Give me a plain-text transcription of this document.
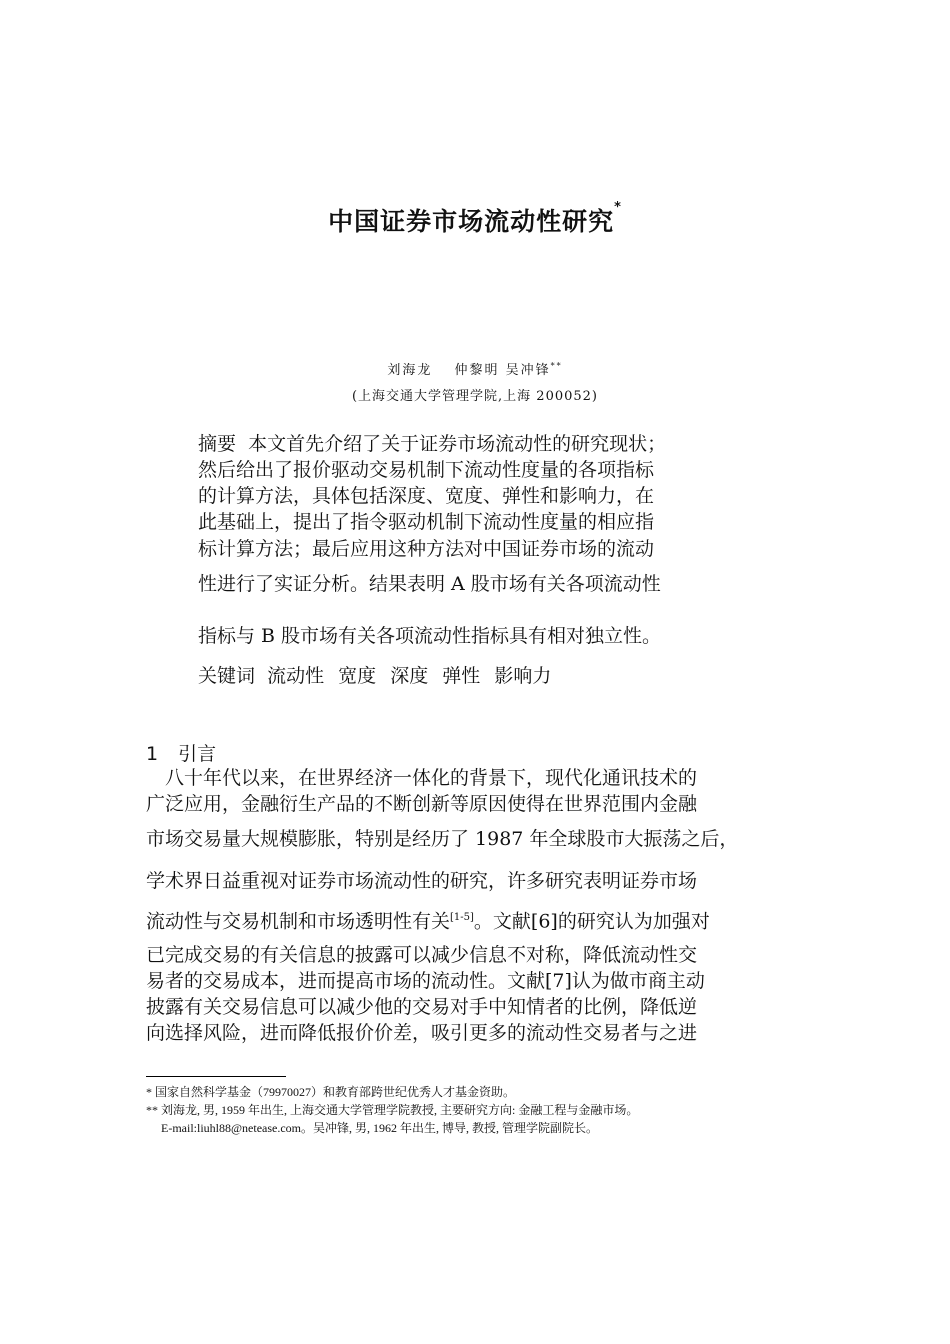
中国证券市场流动性研究*
刘海龙 仲黎明 吴冲锋**
(上海交通大学管理学院,上海 200052)
摘要 本文首先介绍了关于证券市场流动性的研究现状；
然后给出了报价驱动交易机制下流动性度量的各项指标
的计算方法，具体包括深度、宽度、弹性和影响力，在
此基础上，提出了指令驱动机制下流动性度量的相应指
标计算方法；最后应用这种方法对中国证券市场的流动
性进行了实证分析。结果表明 A 股市场有关各项流动性
指标与 B 股市场有关各项流动性指标具有相对独立性。
关键词 流动性 宽度 深度 弹性 影响力
1 引言
　八十年代以来，在世界经济一体化的背景下，现代化通讯技术的
广泛应用，金融衍生产品的不断创新等原因使得在世界范围内金融
市场交易量大规模膨胀，特别是经历了 1987 年全球股市大振荡之后，
学术界日益重视对证券市场流动性的研究，许多研究表明证券市场
流动性与交易机制和市场透明性有关[1-5]。文献[6]的研究认为加强对
已完成交易的有关信息的披露可以减少信息不对称，降低流动性交
易者的交易成本，进而提高市场的流动性。文献[7]认为做市商主动
披露有关交易信息可以减少他的交易对手中知情者的比例，降低逆
向选择风险，进而降低报价价差，吸引更多的流动性交易者与之进
* 国家自然科学基金（79970027）和教育部跨世纪优秀人才基金资助。
** 刘海龙, 男, 1959 年出生, 上海交通大学管理学院教授, 主要研究方向: 金融工程与金融市场。
E-mail:liuhl88@netease.com。吴冲锋, 男, 1962 年出生, 博导, 教授, 管理学院副院长。
